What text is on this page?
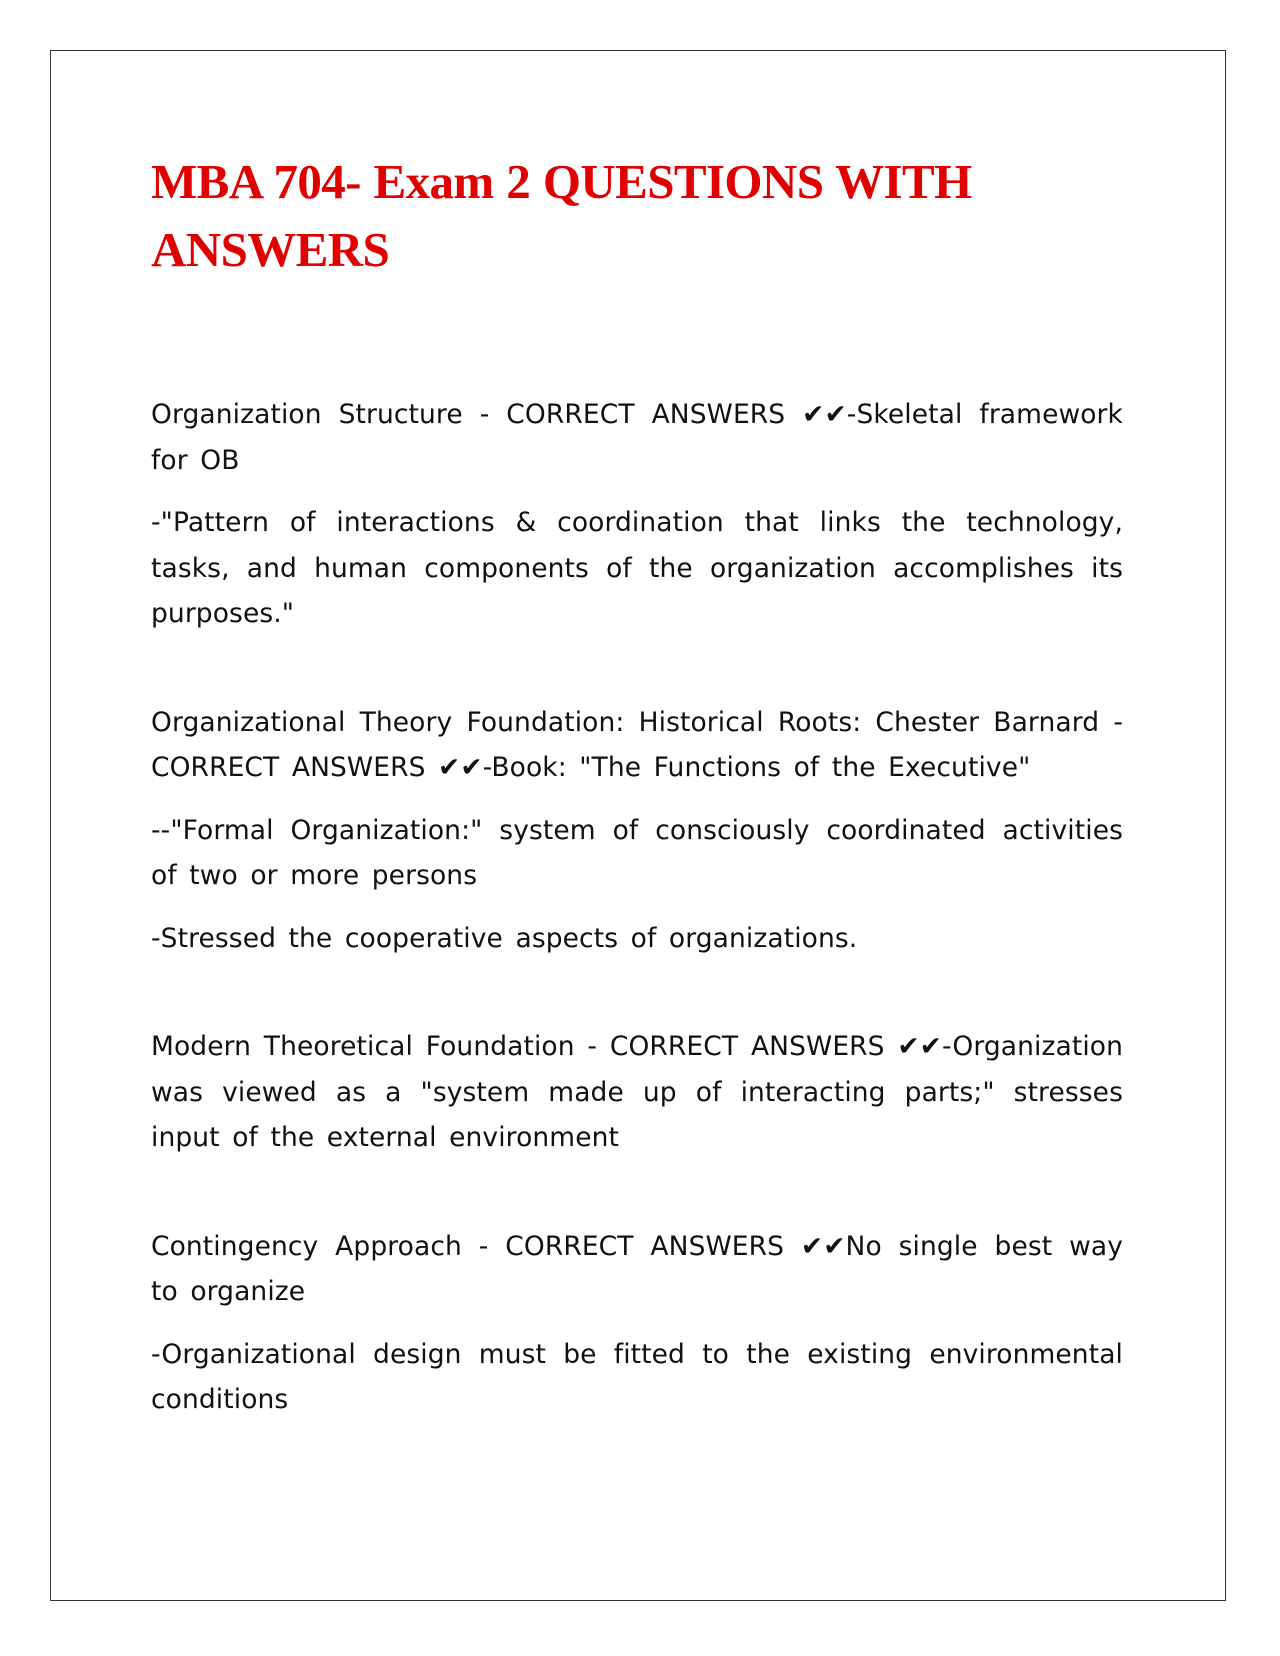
MBA 704- Exam 2 QUESTIONS WITH ANSWERS

Organization Structure - CORRECT ANSWERS ✔✔-Skeletal framework for OB

-"Pattern of interactions & coordination that links the technology, tasks, and human components of the organization accomplishes its purposes."

Organizational Theory Foundation: Historical Roots: Chester Barnard - CORRECT ANSWERS ✔✔-Book: "The Functions of the Executive"

--"Formal Organization:" system of consciously coordinated activities of two or more persons

-Stressed the cooperative aspects of organizations.

Modern Theoretical Foundation - CORRECT ANSWERS ✔✔-Organization was viewed as a "system made up of interacting parts;" stresses input of the external environment

Contingency Approach - CORRECT ANSWERS ✔✔No single best way to organize

-Organizational design must be fitted to the existing environmental conditions
